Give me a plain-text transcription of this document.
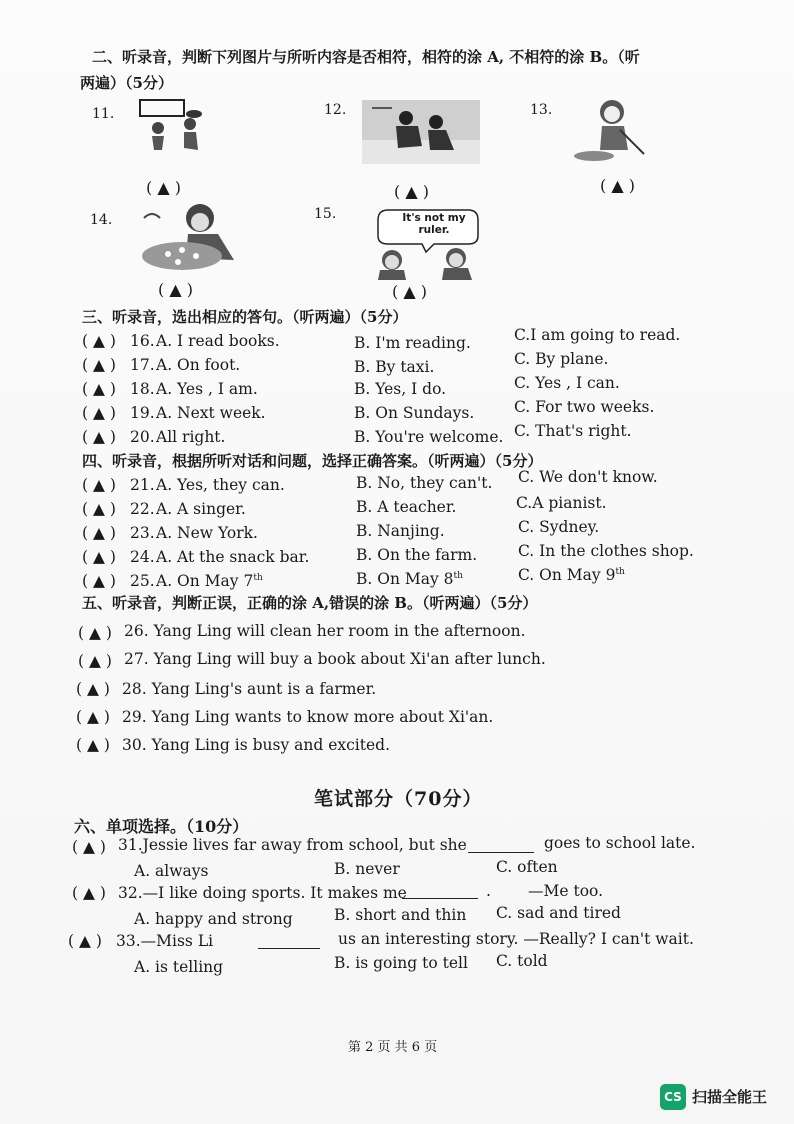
二、听录音，判断下列图片与所听内容是否相符，相符的涂 A, 不相符的涂 B。（听
两遍）（5分）
11.
( ▲ )
12.
( ▲ )
13.
( ▲ )
14.
( ▲ )
15.	It's not my ruler.
( ▲ )
三、听录音，选出相应的答句。（听两遍）（5分）
( ▲ ) 16. A. I read books.	B. I'm reading.	C.I am going to read.
( ▲ ) 17. A. On foot.	B. By taxi.	C. By plane.
( ▲ ) 18. A. Yes , I am.	B. Yes, I do.	C. Yes , I can.
( ▲ ) 19. A. Next week.	B. On Sundays.	C. For two weeks.
( ▲ ) 20. All right.	B. You're welcome. C. That's right.
四、听录音，根据所听对话和问题，选择正确答案。（听两遍）（5分）
( ▲ ) 21. A. Yes, they can.	B. No, they can't. C. We don't know.
( ▲ ) 22. A. A singer.	B. A teacher.	C.A pianist.
( ▲ ) 23. A. New York.	B. Nanjing.	C. Sydney.
( ▲ ) 24. A. At the snack bar.	B. On the farm.	C. In the clothes shop.
( ▲ ) 25. A. On May 7th	B. On May 8th	C. On May 9th
五、听录音，判断正误，正确的涂 A,错误的涂 B。（听两遍）（5分）
( ▲ ) 26. Yang Ling will clean her room in the afternoon.
( ▲ ) 27. Yang Ling will buy a book about Xi'an after lunch.
( ▲ ) 28. Yang Ling's aunt is a farmer.
( ▲ ) 29. Yang Ling wants to know more about Xi'an.
( ▲ ) 30. Yang Ling is busy and excited.
笔试部分（70分）
六、单项选择。（10分）
( ▲ ) 31.Jessie lives far away from school, but she	goes to school late.
A. always	B. never	C. often
( ▲ ) 32.—I like doing sports. It makes me	. —Me too.
A. happy and strong	B. short and thin C. sad and tired
( ▲ ) 33.—Miss Li	us an interesting story. —Really? I can't wait.
A. is telling	B. is going to tell C. told
第 2 页 共 6 页
CS 扫描全能王
